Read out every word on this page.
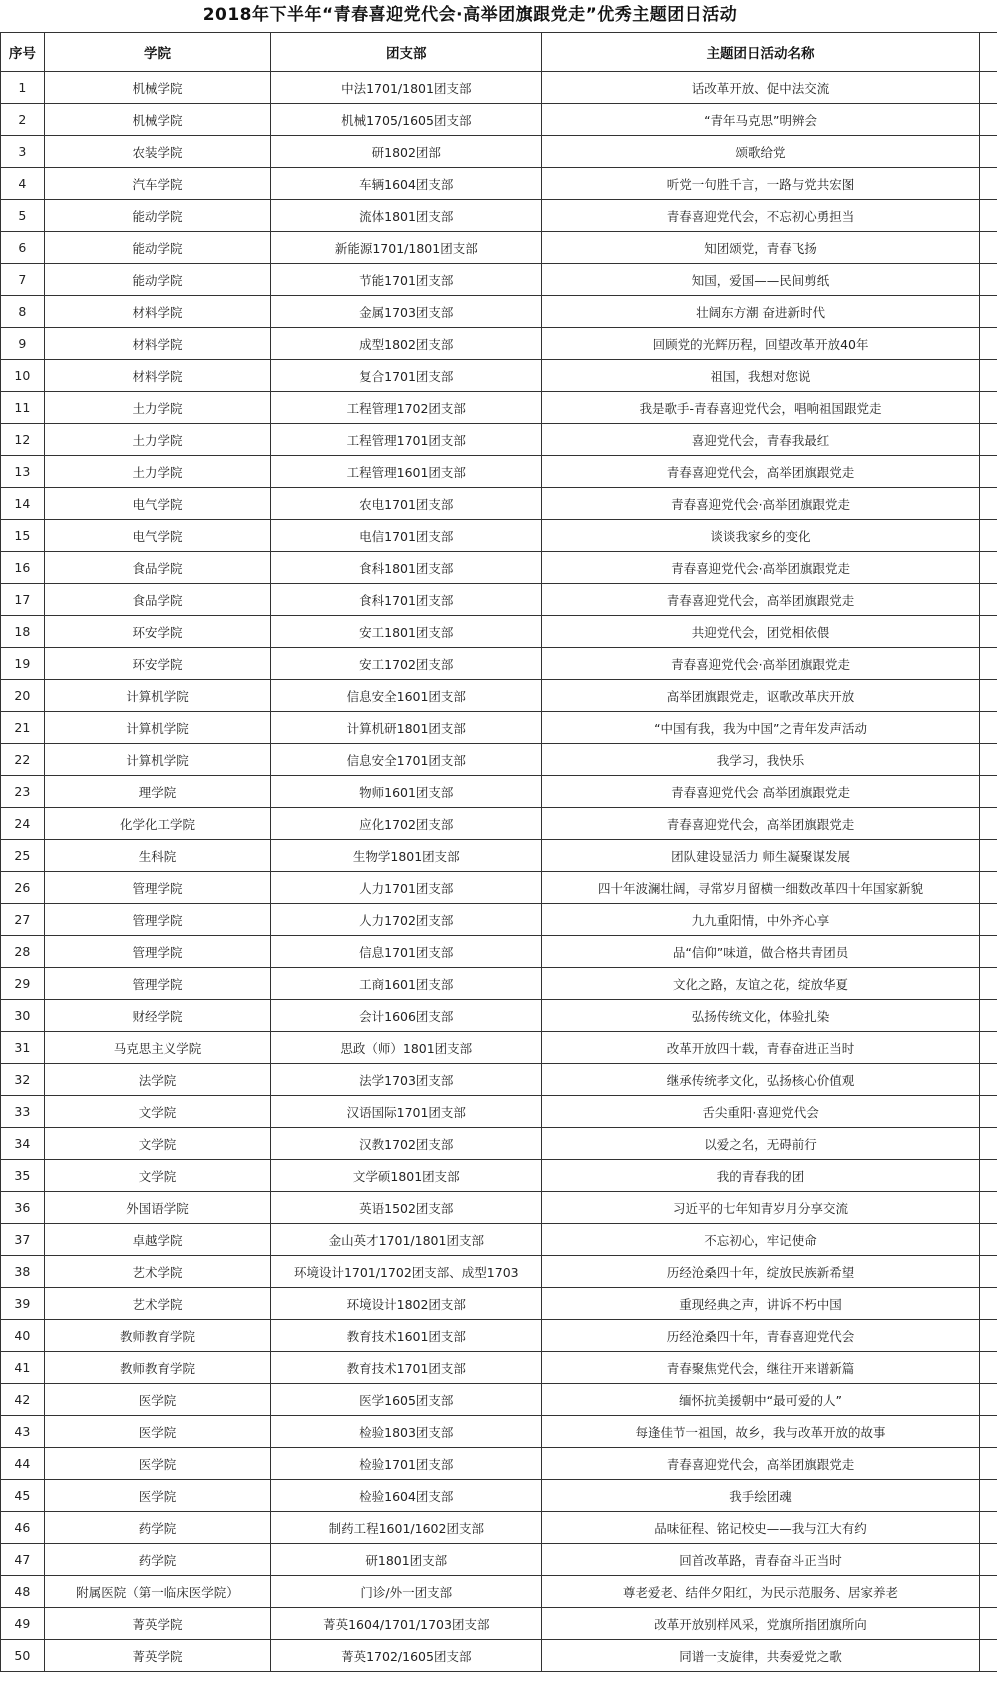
2018年下半年“青春喜迎党代会·高举团旗跟党走”优秀主题团日活动
序号	学院	团支部	主题团日活动名称	
1	机械学院	中法1701/1801团支部	话改革开放、促中法交流	
2	机械学院	机械1705/1605团支部	“青年马克思”明辨会	
3	农装学院	研1802团部	颂歌给党	
4	汽车学院	车辆1604团支部	听党一句胜千言，一路与党共宏图	
5	能动学院	流体1801团支部	青春喜迎党代会，不忘初心勇担当	
6	能动学院	新能源1701/1801团支部	知团颂党，青春飞扬	
7	能动学院	节能1701团支部	知国，爱国——民间剪纸	
8	材料学院	金属1703团支部	壮阔东方潮 奋进新时代	
9	材料学院	成型1802团支部	回顾党的光辉历程，回望改革开放40年	
10	材料学院	复合1701团支部	祖国，我想对您说	
11	土力学院	工程管理1702团支部	我是歌手-青春喜迎党代会，唱响祖国跟党走	
12	土力学院	工程管理1701团支部	喜迎党代会，青春我最红	
13	土力学院	工程管理1601团支部	青春喜迎党代会，高举团旗跟党走	
14	电气学院	农电1701团支部	青春喜迎党代会·高举团旗跟党走	
15	电气学院	电信1701团支部	谈谈我家乡的变化	
16	食品学院	食科1801团支部	青春喜迎党代会·高举团旗跟党走	
17	食品学院	食科1701团支部	青春喜迎党代会，高举团旗跟党走	
18	环安学院	安工1801团支部	共迎党代会，团党相依偎	
19	环安学院	安工1702团支部	青春喜迎党代会·高举团旗跟党走	
20	计算机学院	信息安全1601团支部	高举团旗跟党走，讴歌改革庆开放	
21	计算机学院	计算机研1801团支部	“中国有我，我为中国”之青年发声活动	
22	计算机学院	信息安全1701团支部	我学习，我快乐	
23	理学院	物师1601团支部	青春喜迎党代会 高举团旗跟党走	
24	化学化工学院	应化1702团支部	青春喜迎党代会，高举团旗跟党走	
25	生科院	生物学1801团支部	团队建设显活力 师生凝聚谋发展	
26	管理学院	人力1701团支部	四十年波澜壮阔，寻常岁月留横一细数改革四十年国家新貌	
27	管理学院	人力1702团支部	九九重阳情，中外齐心享	
28	管理学院	信息1701团支部	品“信仰”味道，做合格共青团员	
29	管理学院	工商1601团支部	文化之路，友谊之花，绽放华夏	
30	财经学院	会计1606团支部	弘扬传统文化，体验扎染	
31	马克思主义学院	思政（师）1801团支部	改革开放四十载，青春奋进正当时	
32	法学院	法学1703团支部	继承传统孝文化，弘扬核心价值观	
33	文学院	汉语国际1701团支部	舌尖重阳·喜迎党代会	
34	文学院	汉教1702团支部	以爱之名，无碍前行	
35	文学院	文学硕1801团支部	我的青春我的团	
36	外国语学院	英语1502团支部	习近平的七年知青岁月分享交流	
37	卓越学院	金山英才1701/1801团支部	不忘初心，牢记使命	
38	艺术学院	环境设计1701/1702团支部、成型1703	历经沧桑四十年，绽放民族新希望	
39	艺术学院	环境设计1802团支部	重现经典之声，讲诉不朽中国	
40	教师教育学院	教育技术1601团支部	历经沧桑四十年，青春喜迎党代会	
41	教师教育学院	教育技术1701团支部	青春聚焦党代会，继往开来谱新篇	
42	医学院	医学1605团支部	缅怀抗美援朝中“最可爱的人”	
43	医学院	检验1803团支部	每逢佳节一祖国，故乡，我与改革开放的故事	
44	医学院	检验1701团支部	青春喜迎党代会，高举团旗跟党走	
45	医学院	检验1604团支部	我手绘团魂	
46	药学院	制药工程1601/1602团支部	品味征程、铭记校史——我与江大有约	
47	药学院	研1801团支部	回首改革路，青春奋斗正当时	
48	附属医院（第一临床医学院）	门诊/外一团支部	尊老爱老、结伴夕阳红，为民示范服务、居家养老	
49	菁英学院	菁英1604/1701/1703团支部	改革开放别样风采，党旗所指团旗所向	
50	菁英学院	菁英1702/1605团支部	同谱一支旋律，共奏爱党之歌	
